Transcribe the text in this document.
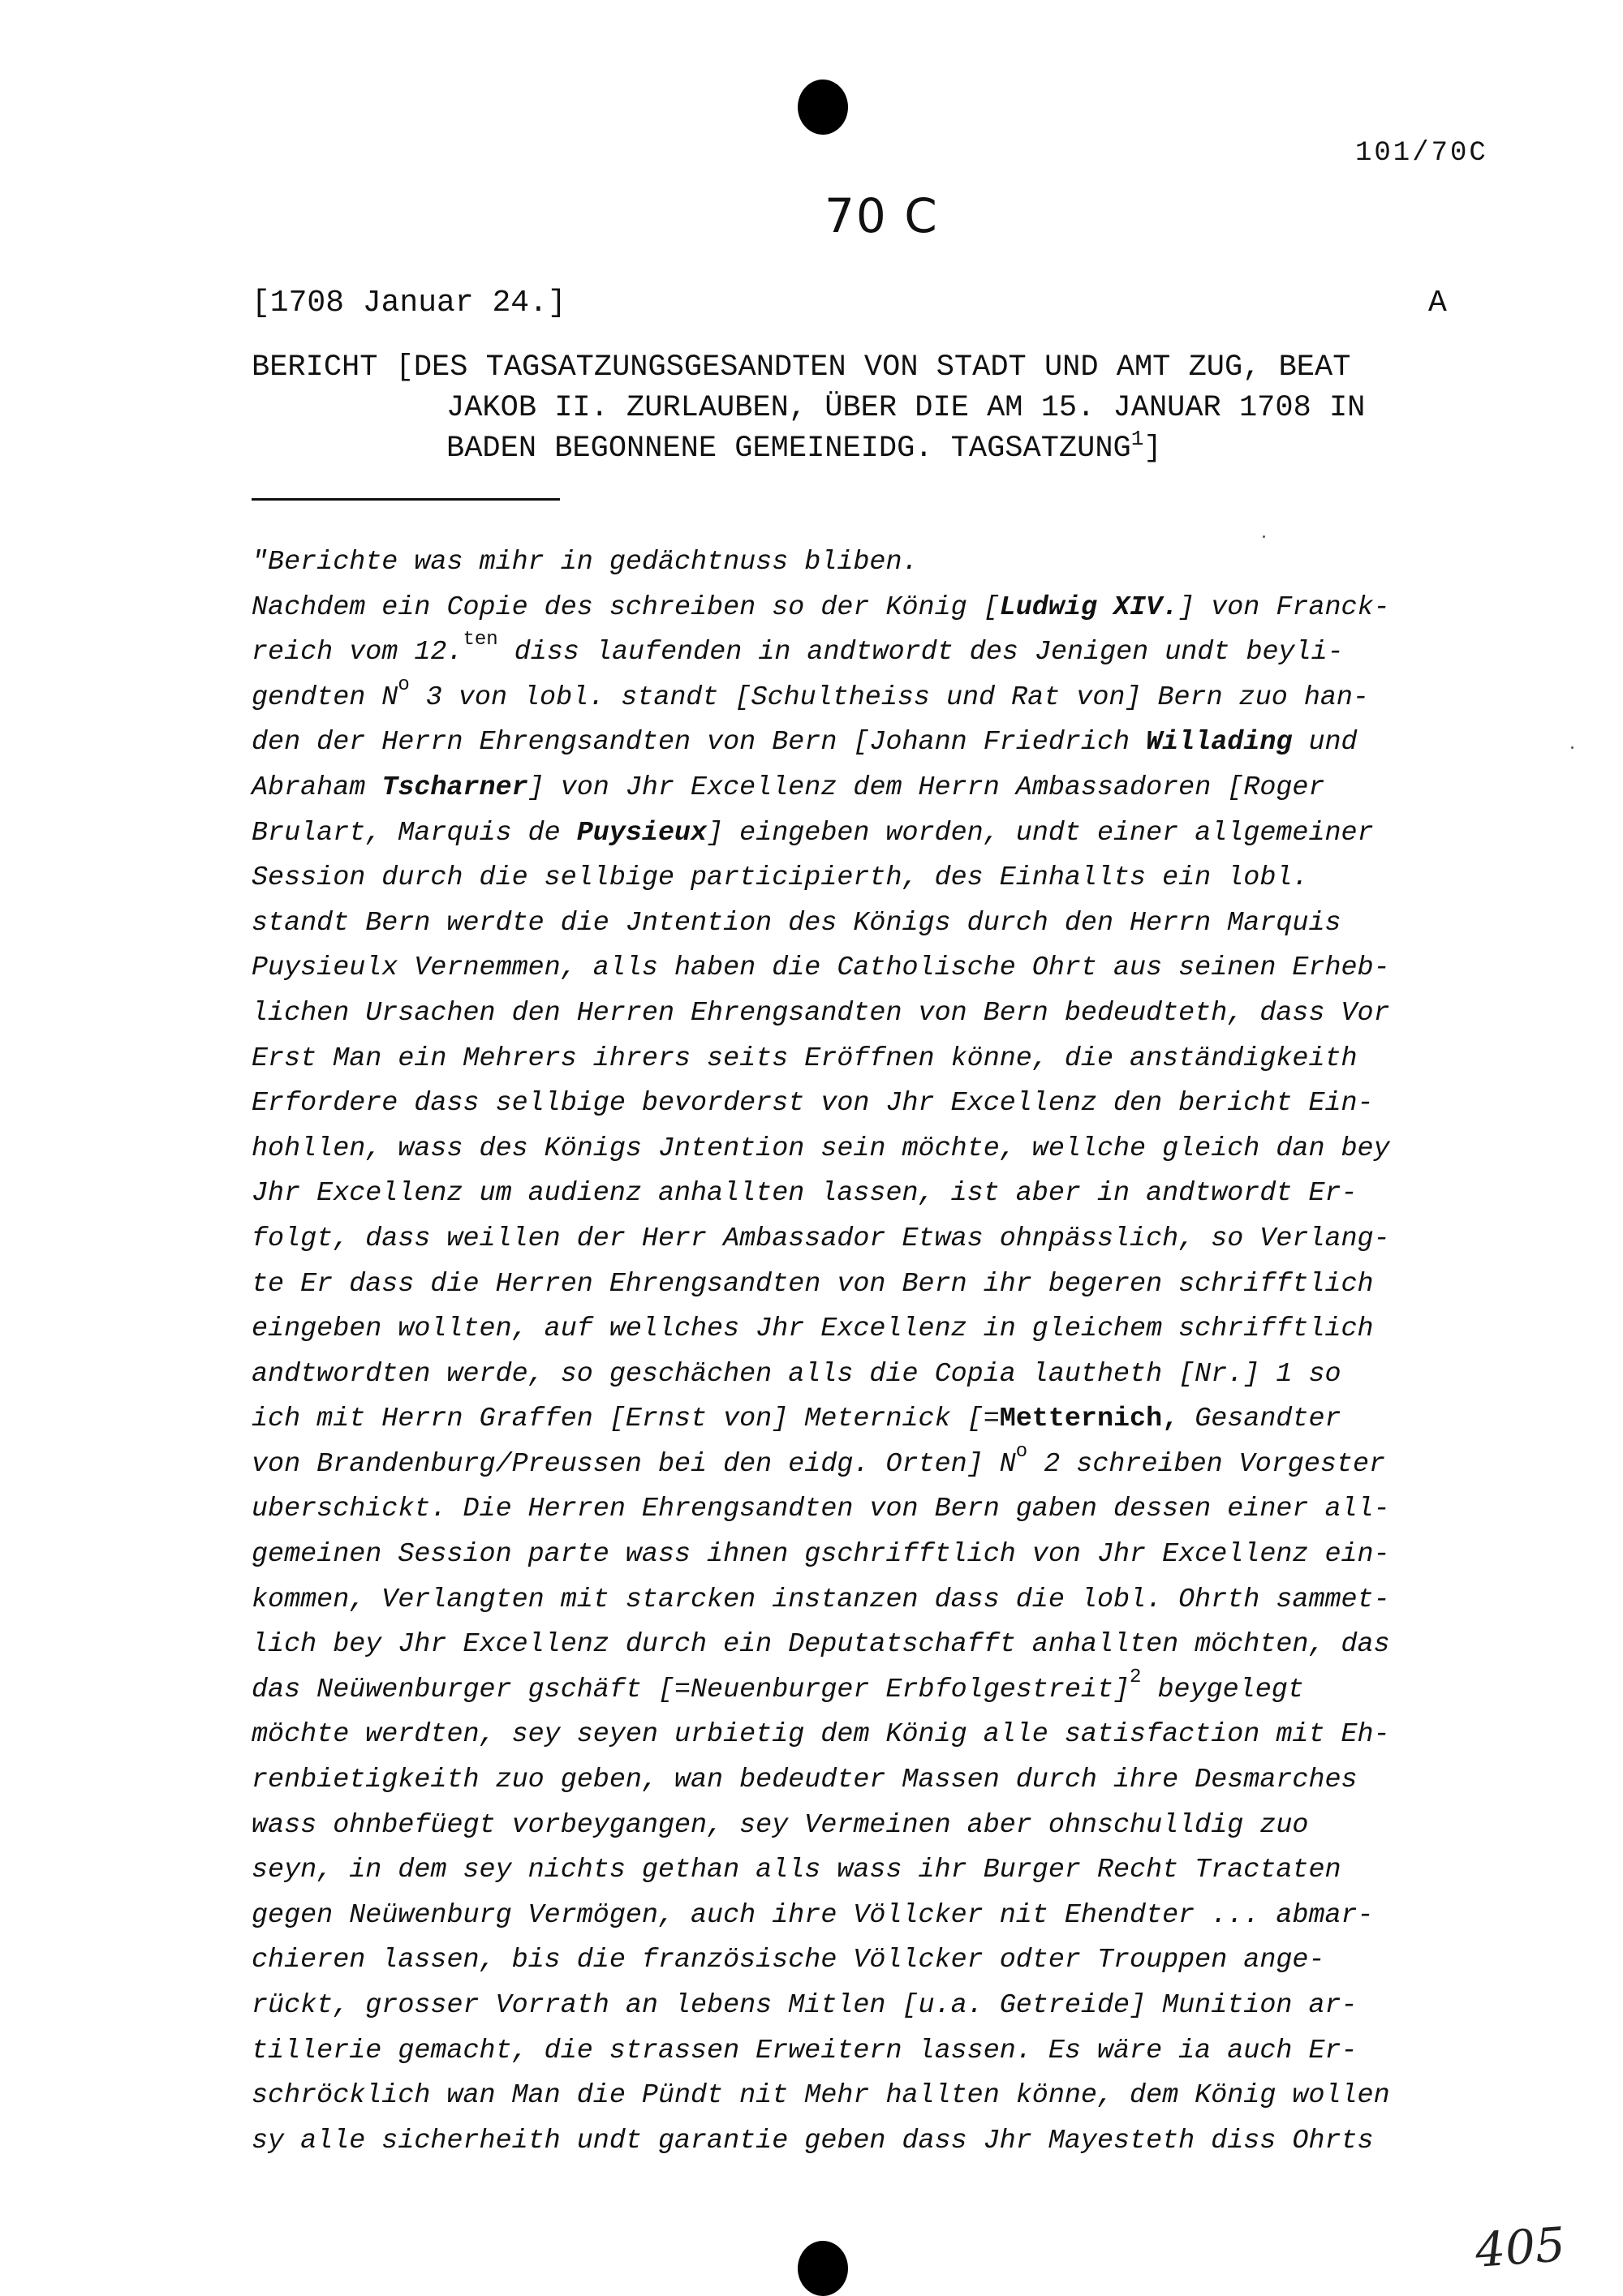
101/70C
70 C
[1708 Januar 24.]	A
BERICHT [DES TAGSATZUNGSGESANDTEN VON STADT UND AMT ZUG, BEAT
JAKOB II. ZURLAUBEN, ÜBER DIE AM 15. JANUAR 1708 IN
BADEN BEGONNENE GEMEINEIDG. TAGSATZUNG$^1$]
"Berichte was mihr in gedächtnuss bliben.
Nachdem ein Copie des schreiben so der König [Ludwig XIV.] von Franck-
reich vom 12.$^{ten}$ diss laufenden in andtwordt des Jenigen undt beyli-
gendten $N^o$ 3 von lobl. standt [Schultheiss und Rat von] Bern zuo han-
den der Herrn Ehrengsandten von Bern [Johann Friedrich Willading und
Abraham Tscharner] von Jhr Excellenz dem Herrn Ambassadoren [Roger
Brulart, Marquis de Puysieux] eingeben worden, undt einer allgemeiner
Session durch die sellbige participierth, des Einhallts ein lobl.
standt Bern werdte die Jntention des Königs durch den Herrn Marquis
Puysieulx Vernemmen, alls haben die Catholische Ohrt aus seinen Erheb-
lichen Ursachen den Herren Ehrengsandten von Bern bedeudteth, dass Vor
Erst Man ein Mehrers ihrers seits Eröffnen könne, die anständigkeith
Erfordere dass sellbige bevorderst von Jhr Excellenz den bericht Ein-
hohllen, wass des Königs Jntention sein möchte, wellche gleich dan bey
Jhr Excellenz um audienz anhallten lassen, ist aber in andtwordt Er-
folgt, dass weillen der Herr Ambassador Etwas ohnpässlich, so Verlang-
te Er dass die Herren Ehrengsandten von Bern ihr begeren schrifftlich
eingeben wollten, auf wellches Jhr Excellenz in gleichem schrifftlich
andtwordten werde, so geschächen alls die Copia lautheth [Nr.] 1 so
ich mit Herrn Graffen [Ernst von] Meternick [=Metternich, Gesandter
von Brandenburg/Preussen bei den eidg. Orten] $N^o$ 2 schreiben Vorgester
uberschickt. Die Herren Ehrengsandten von Bern gaben dessen einer all-
gemeinen Session parte wass ihnen gschrifftlich von Jhr Excellenz ein-
kommen, Verlangten mit starcken instanzen dass die lobl. Ohrth sammet-
lich bey Jhr Excellenz durch ein Deputatschafft anhallten möchten, das
das Neüwenburger gschäft [=Neuenburger Erbfolgestreit]$^2$ beygelegt
möchte werdten, sey seyen urbietig dem König alle satisfaction mit Eh-
renbietigkeith zuo geben, wan bedeudter Massen durch ihre Desmarches
wass ohnbefüegt vorbeygangen, sey Vermeinen aber ohnschulldig zuo
seyn, in dem sey nichts gethan alls wass ihr Burger Recht Tractaten
gegen Neüwenburg Vermögen, auch ihre Völlcker nit Ehendter ... abmar-
chieren lassen, bis die französische Völlcker odter Trouppen ange-
rückt, grosser Vorrath an lebens Mitlen [u.a. Getreide] Munition ar-
tillerie gemacht, die strassen Erweitern lassen. Es wäre ia auch Er-
schröcklich wan Man die Pündt nit Mehr hallten könne, dem König wollen
sy alle sicherheith undt garantie geben dass Jhr Mayesteth diss Ohrts
405
